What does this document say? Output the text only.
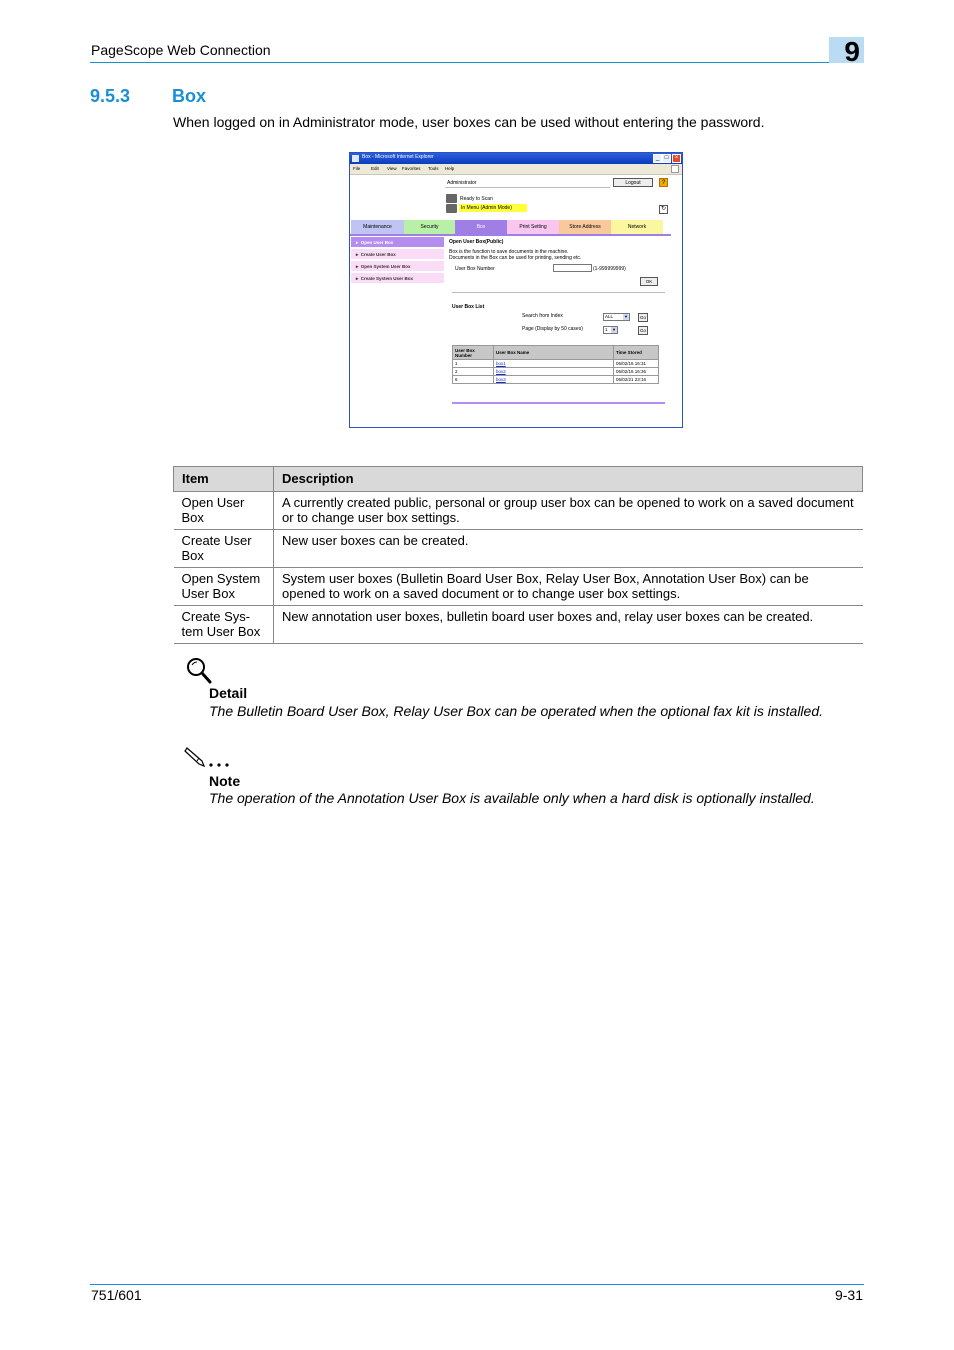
PageScope Web Connection	9
9.5.3 Box
When logged on in Administrator mode, user boxes can be used without entering the password.
Box - Microsoft Internet Explorer	_ □	×
File Edit View Favorites Tools Help
Administrator	Logout	?
Ready to Scan
In Menu (Admin Mode)	↻
Maintenance	Security	Box	Print Setting	Store Address	Network
► Open User Box
► Create User Box
► Open System User Box
► Create System User Box
Open User Box(Public)
Box is the function to save documents in the machine.
Documents in the Box can be used for printing, sending etc.
User Box Number	(1-999999999)
OK
User Box List
Search from Index	ALL	▼	Go
Page (Display by 50 cases)	1 ▼	Go
User Box Number	User Box Name	Time Stored
1	box1	06/02/16 16:31
2	box2	06/02/16 16:36
6	box3	06/02/21 23:16
Item	Description
Open User Box	A currently created public, personal or group user box can be opened to work on a saved document or to change user box settings.
Create User Box	New user boxes can be created.
Open System User Box	System user boxes (Bulletin Board User Box, Relay User Box, Annotation User Box) can be opened to work on a saved document or to change user box settings.
Create Sys-tem User Box	New annotation user boxes, bulletin board user boxes and, relay user boxes can be created.
Detail
The Bulletin Board User Box, Relay User Box can be operated when the optional fax kit is installed.
Note
The operation of the Annotation User Box is available only when a hard disk is optionally installed.
751/601	9-31
